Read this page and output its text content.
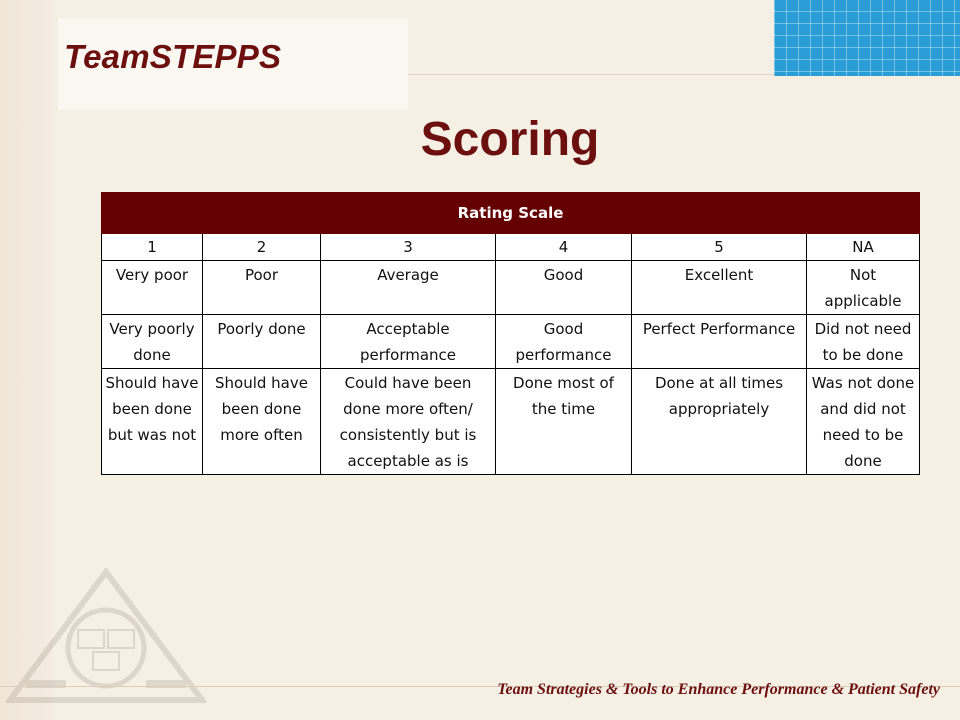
TeamSTEPPS
Scoring
Rating Scale					
1	2	3	4	5	NA
Very poor	Poor	Average	Good	Excellent	Not applicable
Very poorly done	Poorly done	Acceptable performance	Good performance	Perfect Performance	Did not need to be done
Should have been done but was not	Should have been done more often	Could have been done more often/ consistently but is acceptable as is	Done most of the time	Done at all times appropriately	Was not done and did not need to be done
Team Strategies & Tools to Enhance Performance & Patient Safety
